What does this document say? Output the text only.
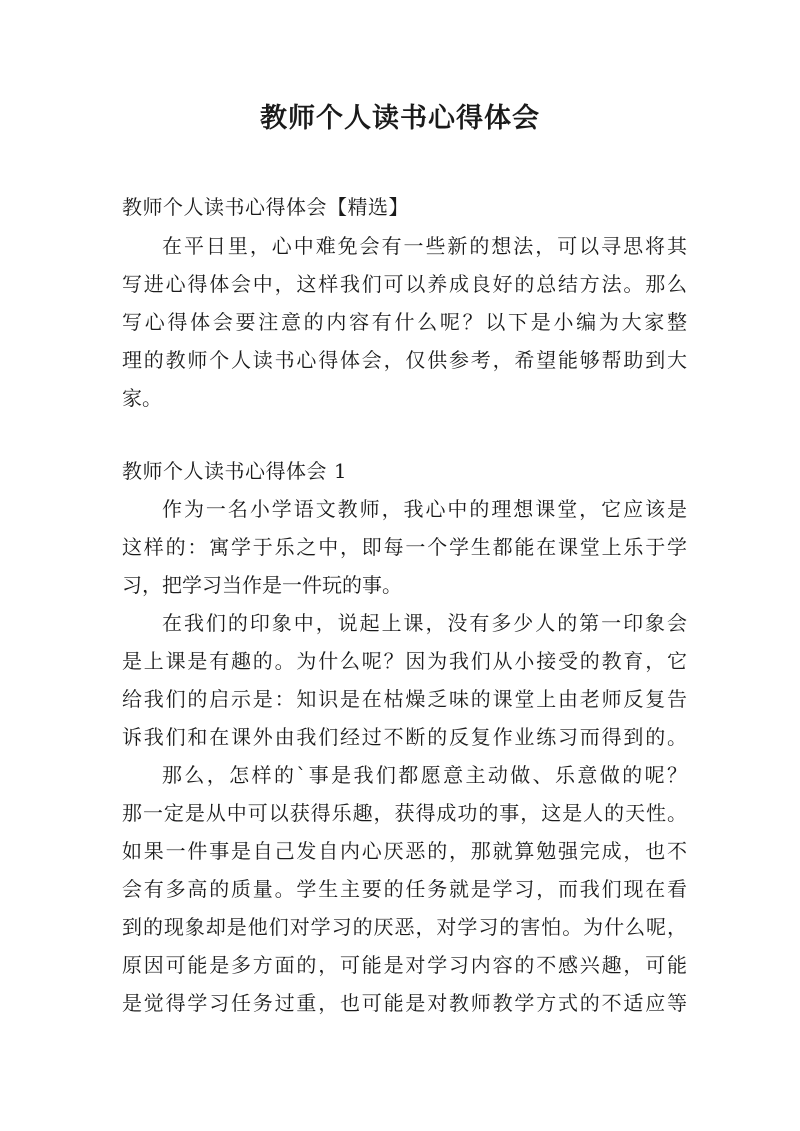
教师个人读书心得体会
教师个人读书心得体会【精选】
在平日里，心中难免会有一些新的想法，可以寻思将其
写进心得体会中，这样我们可以养成良好的总结方法。那么
写心得体会要注意的内容有什么呢？以下是小编为大家整
理的教师个人读书心得体会，仅供参考，希望能够帮助到大
家。
教师个人读书心得体会 1
作为一名小学语文教师，我心中的理想课堂，它应该是
这样的：寓学于乐之中，即每一个学生都能在课堂上乐于学
习，把学习当作是一件玩的事。
在我们的印象中，说起上课，没有多少人的第一印象会
是上课是有趣的。为什么呢？因为我们从小接受的教育，它
给我们的启示是：知识是在枯燥乏味的课堂上由老师反复告
诉我们和在课外由我们经过不断的反复作业练习而得到的。
那么，怎样的`事是我们都愿意主动做、乐意做的呢？
那一定是从中可以获得乐趣，获得成功的事，这是人的天性。
如果一件事是自己发自内心厌恶的，那就算勉强完成，也不
会有多高的质量。学生主要的任务就是学习，而我们现在看
到的现象却是他们对学习的厌恶，对学习的害怕。为什么呢，
原因可能是多方面的，可能是对学习内容的不感兴趣，可能
是觉得学习任务过重，也可能是对教师教学方式的不适应等
